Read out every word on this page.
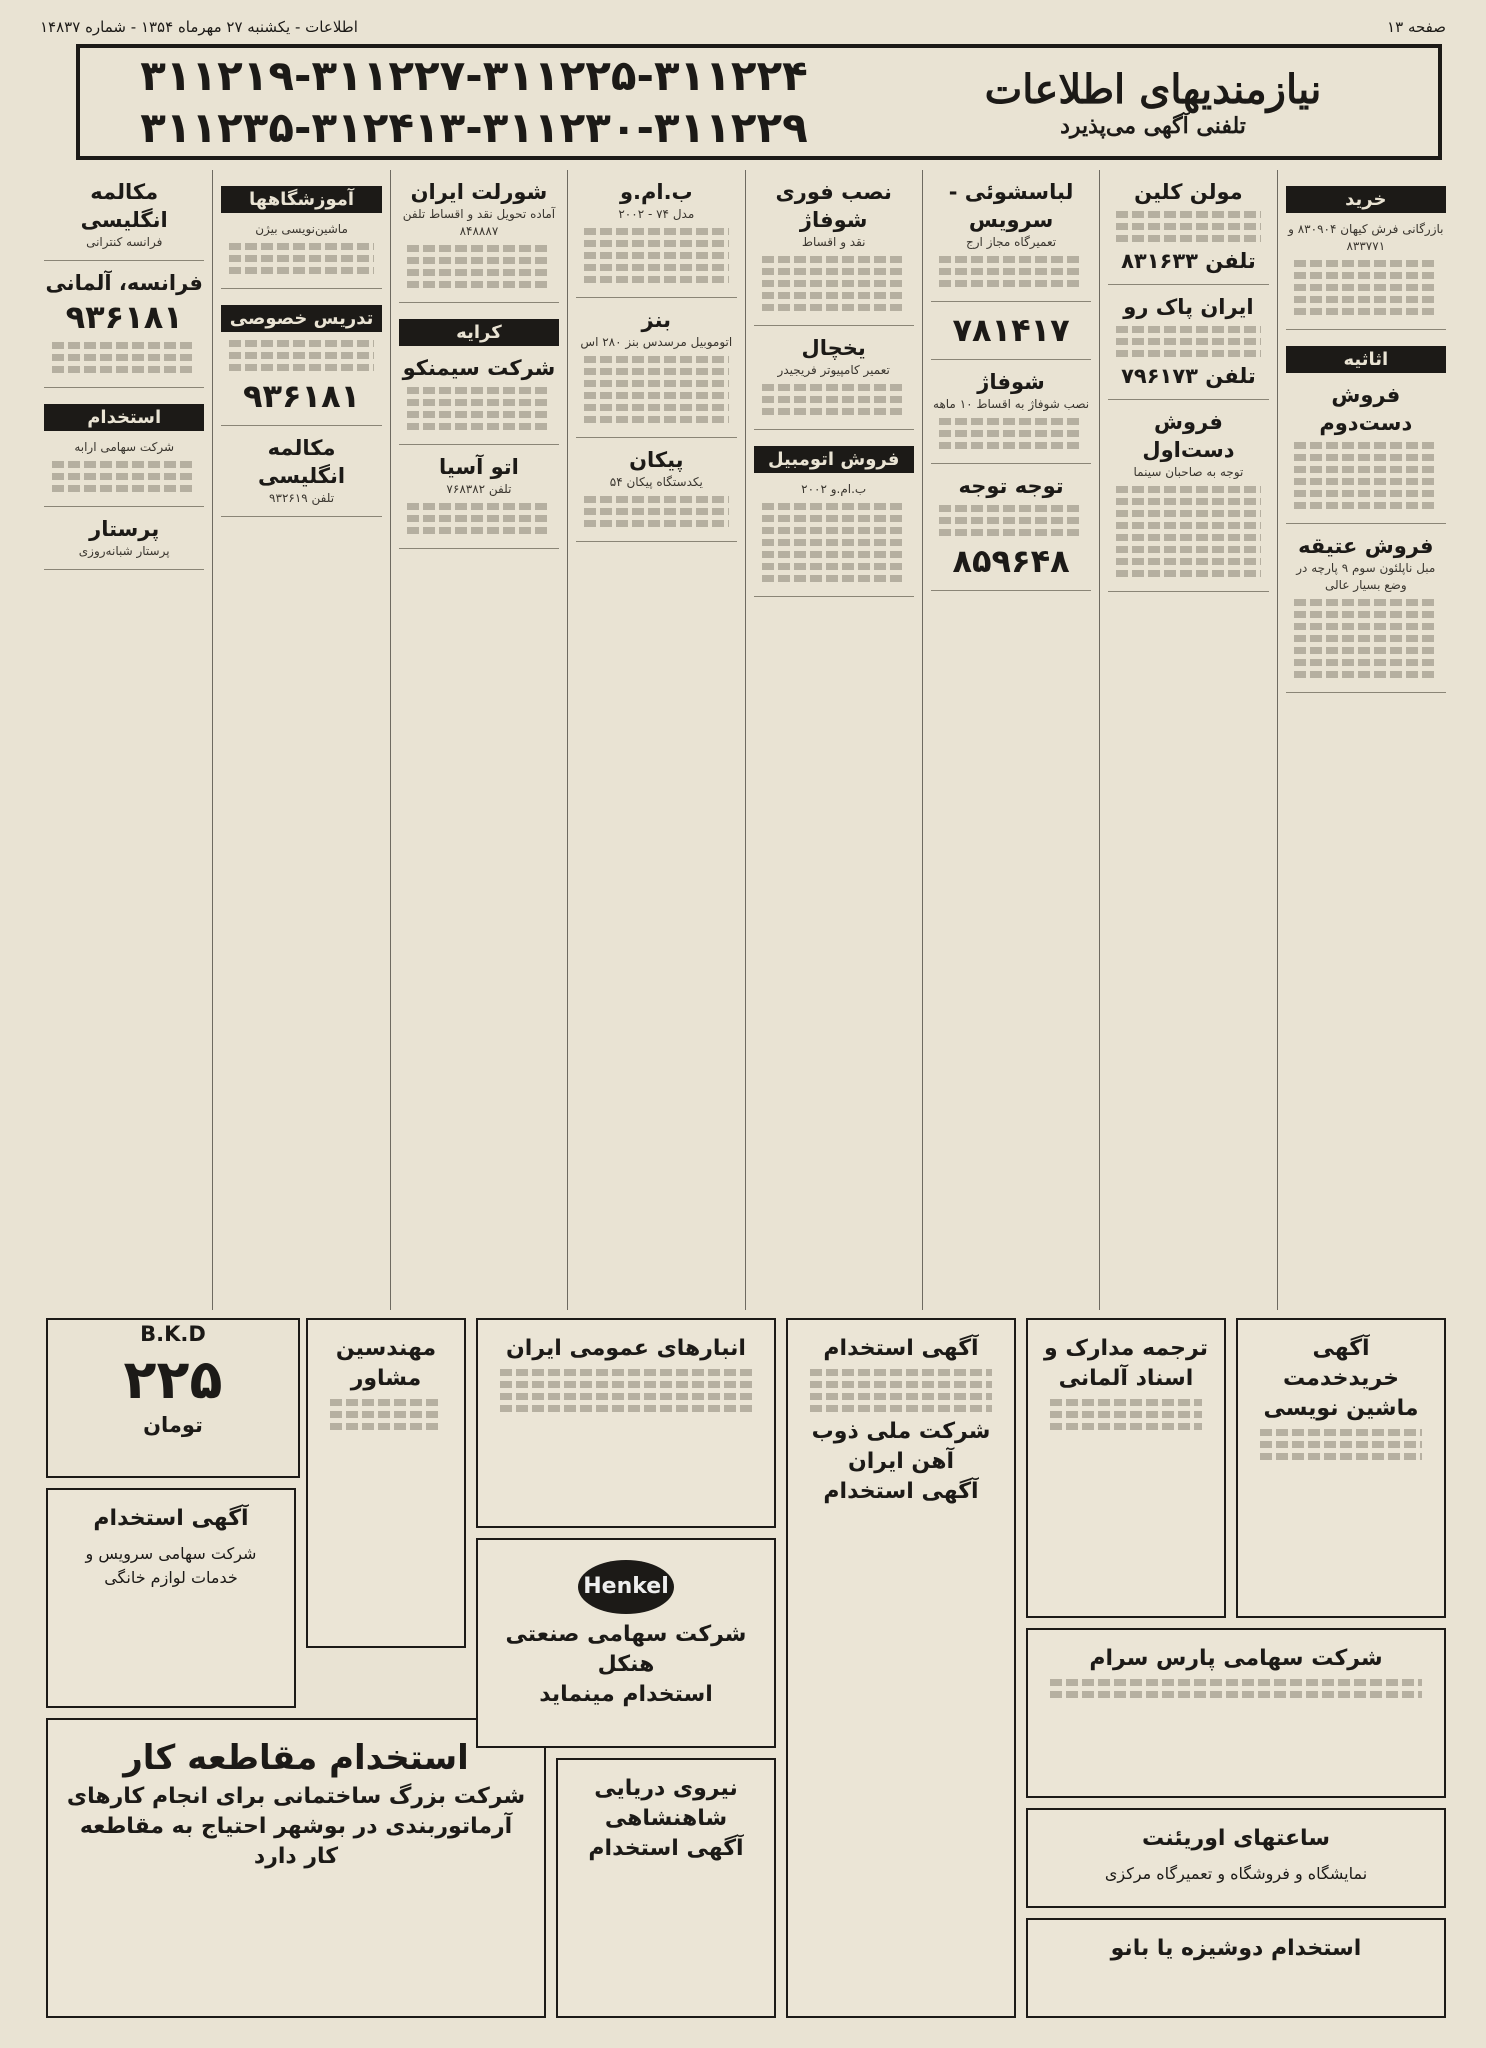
صفحه ۱۳
اطلاعات - یکشنبه ۲۷ مهرماه ۱۳۵۴ - شماره ۱۴۸۳۷
نیازمندیهای اطلاعات
تلفنی آگهی می‌پذیرد
۳۱۱۲۱۹-۳۱۱۲۲۷-۳۱۱۲۲۵-۳۱۱۲۲۴
۳۱۱۲۳۵-۳۱۲۴۱۳-۳۱۱۲۳۰-۳۱۱۲۲۹
خرید
بازرگانی فرش کیهان ۸۳۰۹۰۴ و ۸۳۳۷۷۱
اثاثیه
فروش دست‌دوم
فروش عتیقه
مبل ناپلئون سوم ۹ پارچه در وضع بسیار عالی
مولن کلین
تلفن ۸۳۱۶۳۳
ایران پاک رو
تلفن ۷۹۶۱۷۳
فروش دست‌اول
توجه به صاحبان سینما
لباسشوئی - سرویس
تعمیرگاه مجاز ارج
۷۸۱۴۱۷
شوفاژ
نصب شوفاژ به اقساط ۱۰ ماهه
توجه توجه
۸۵۹۶۴۸
نصب فوری شوفاژ
نقد و اقساط
یخچال
تعمیر کامپیوتر فریجیدر
فروش اتومبیل
ب.ام.و ۲۰۰۲
ب.ام.و
مدل ۷۴ - ۲۰۰۲
بنز
اتوموبیل مرسدس بنز ۲۸۰ اس
پیکان
یکدستگاه پیکان ۵۴
شورلت ایران
آماده تحویل نقد و اقساط تلفن ۸۴۸۸۸۷
کرایه
شرکت سیمنکو
اتو آسیا
تلفن ۷۶۸۳۸۲
آموزشگاهها
ماشین‌نویسی بیژن
تدریس خصوصی
۹۳۶۱۸۱
مکالمه انگلیسی
تلفن ۹۳۲۶۱۹
مکالمه انگلیسی
فرانسه کنترانی
فرانسه، آلمانی
۹۳۶۱۸۱
استخدام
شرکت سهامی ارابه
پرستار
پرستار شبانه‌روزی
B.K.D
۲۲۵
تومان
مهندسین مشاور
آگهی استخدام

شرکت سهامی سرویس و خدمات لوازم خانگی

استخدام مقاطعه کار
شرکت بزرگ ساختمانی برای انجام کارهای آرماتوربندی در بوشهر احتیاج به مقاطعه کار دارد
انبارهای عمومی ایران
Henkel
شرکت سهامی صنعتی هنکل
استخدام مینماید
نیروی دریایی شاهنشاهی
آگهی استخدام
آگهی استخدام
شرکت ملی ذوب آهن ایران
آگهی استخدام
ترجمه مدارک و اسناد آلمانی
آگهی خریدخدمت ماشین نویسی
شرکت سهامی پارس سرام
ساعتهای اوریئنت

نمایشگاه و فروشگاه و تعمیرگاه مرکزی

استخدام دوشیزه یا بانو
